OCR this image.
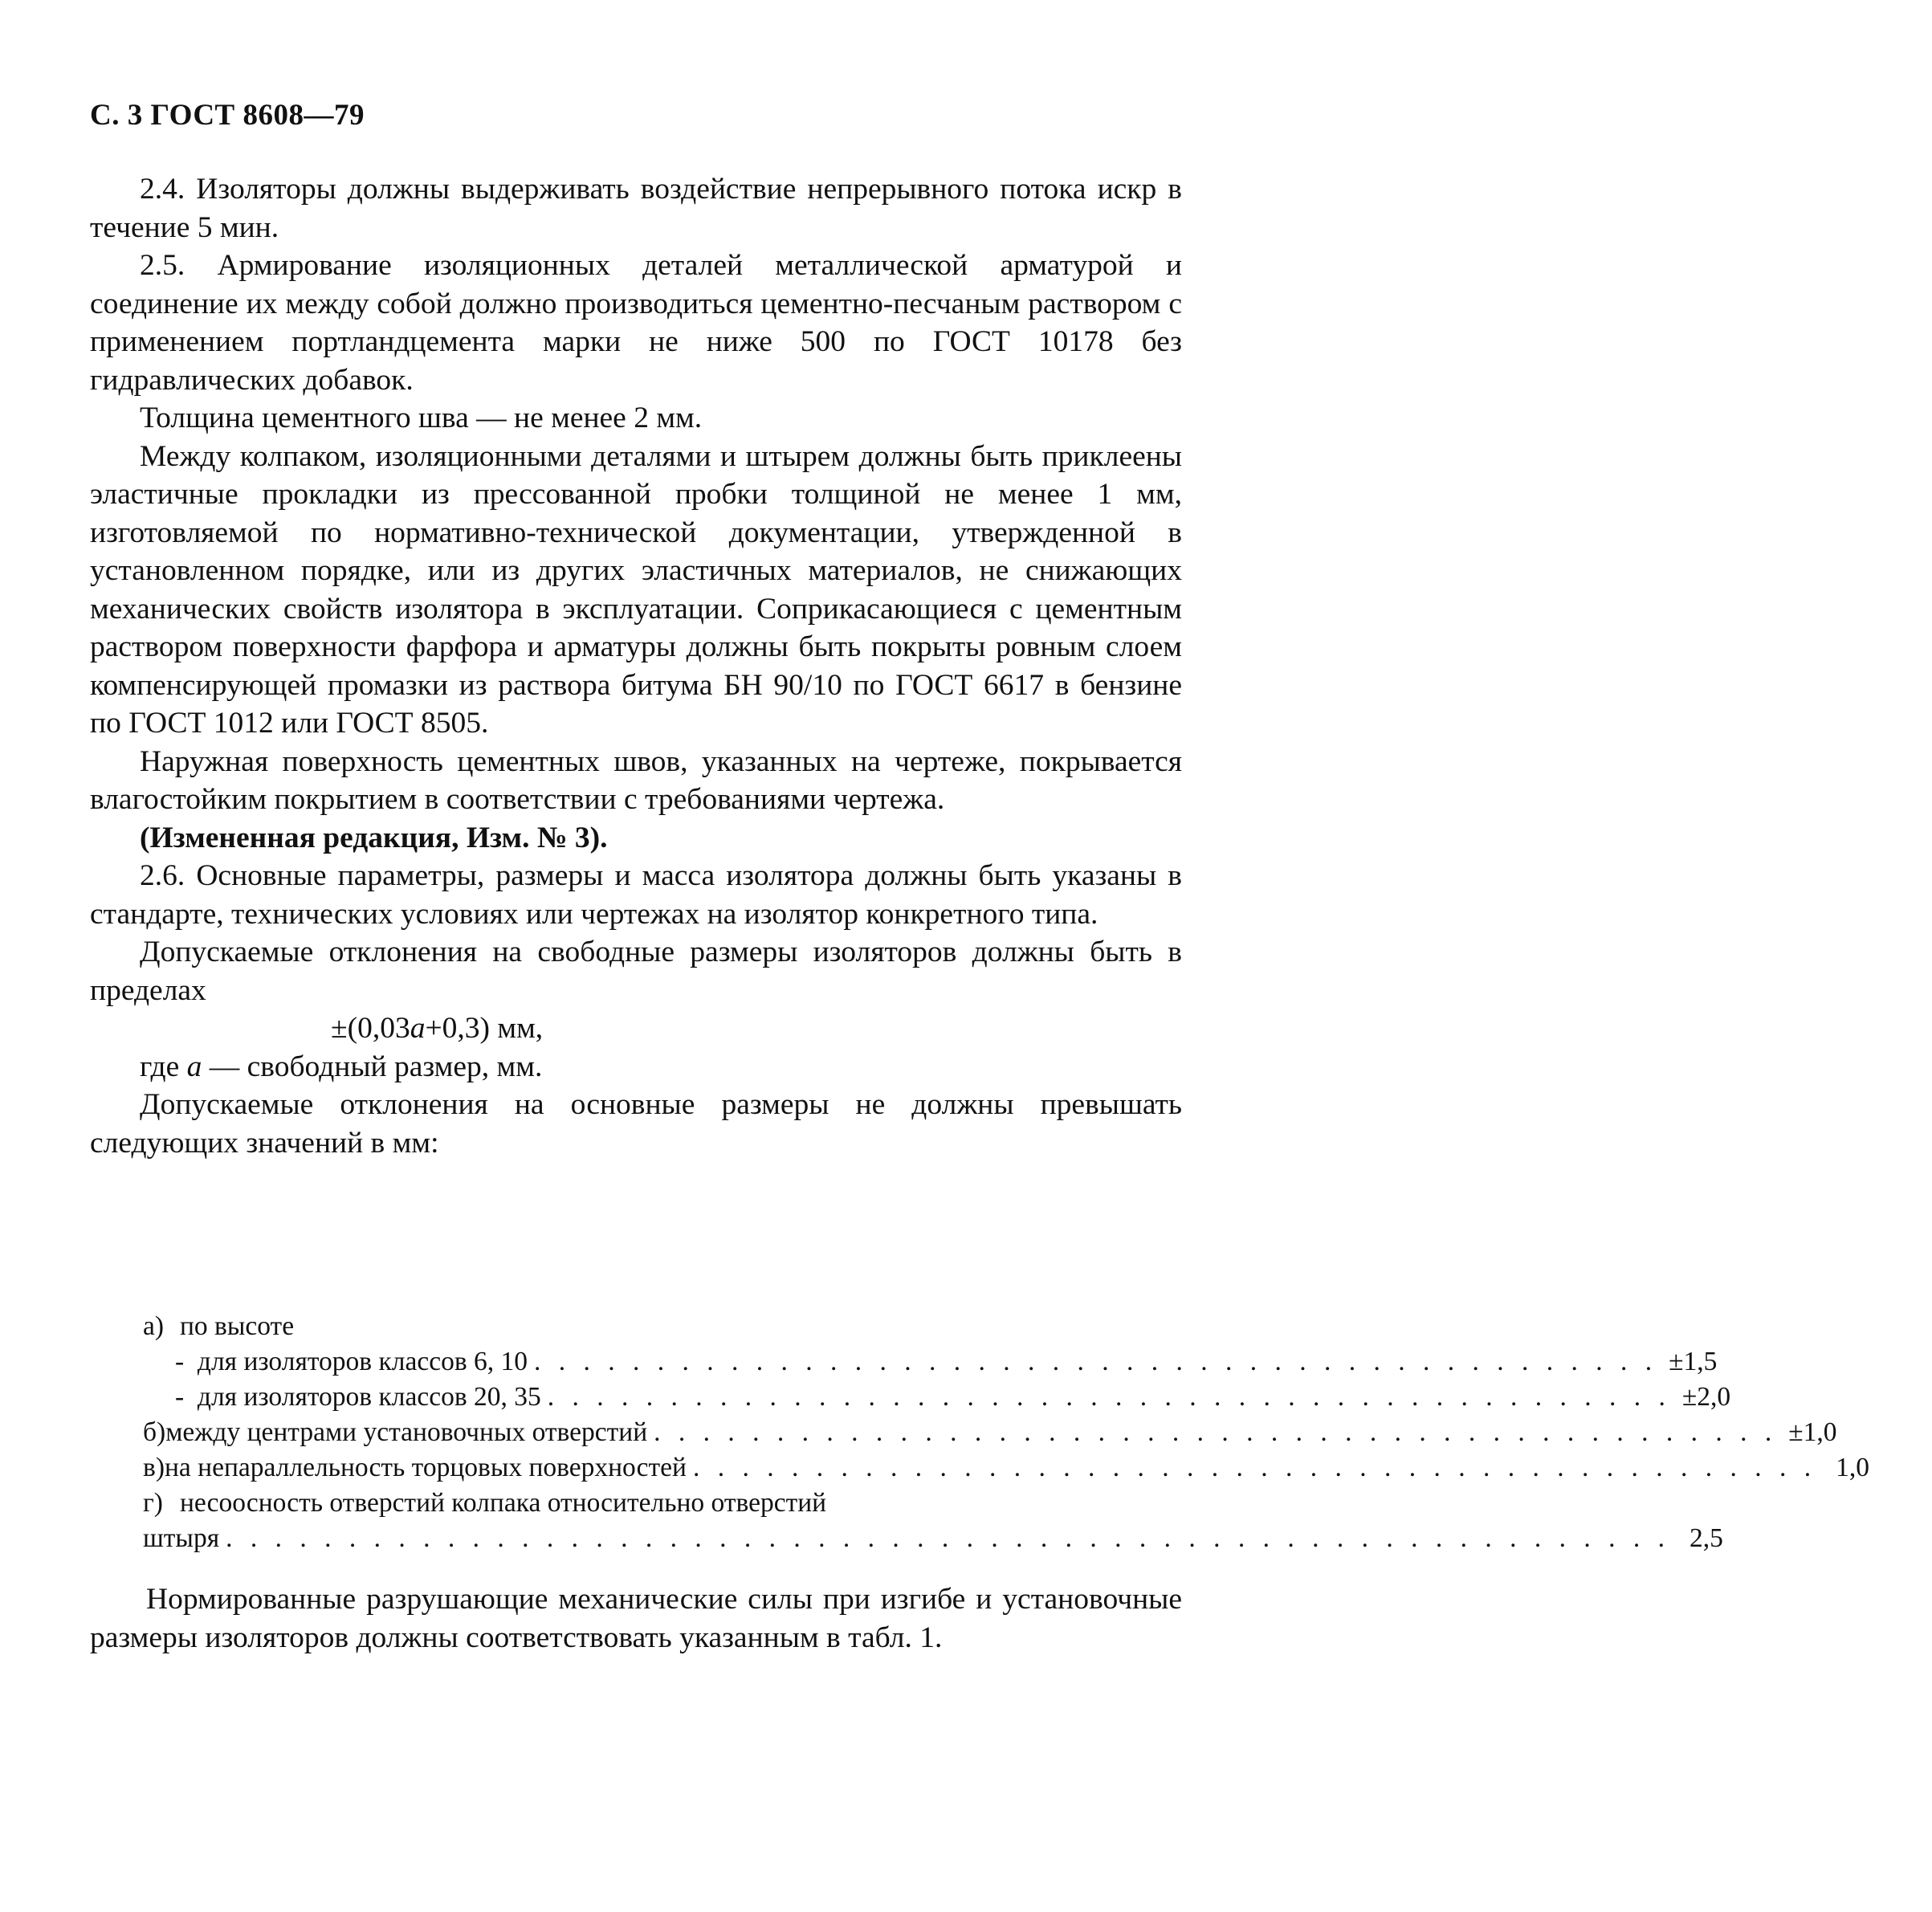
С. 3 ГОСТ 8608—79

2.4. Изоляторы должны выдерживать воздействие непрерывного потока искр в течение 5 мин.

2.5. Армирование изоляционных деталей металлической арматурой и соединение их между собой должно производиться цементно-песчаным раствором с применением портландцемента марки не ниже 500 по ГОСТ 10178 без гидравлических добавок.

Толщина цементного шва — не менее 2 мм.

Между колпаком, изоляционными деталями и штырем должны быть приклеены эластичные прокладки из прессованной пробки толщиной не менее 1 мм, изготовляемой по нормативно-технической документации, утвержденной в установленном порядке, или из других эластичных материалов, не снижающих механических свойств изолятора в эксплуатации. Соприкасающиеся с цементным раствором поверхности фарфора и арматуры должны быть покрыты ровным слоем компенсирующей промазки из раствора битума БН 90/10 по ГОСТ 6617 в бензине по ГОСТ 1012 или ГОСТ 8505.

Наружная поверхность цементных швов, указанных на чертеже, покрывается влагостойким покрытием в соответствии с требованиями чертежа.

(Измененная редакция, Изм. № 3).

2.6. Основные параметры, размеры и масса изолятора должны быть указаны в стандарте, технических условиях или чертежах на изолятор конкретного типа.

Допускаемые отклонения на свободные размеры изоляторов должны быть в пределах

±(0,03a+0,3) мм,

где a — свободный размер, мм.

Допускаемые отклонения на основные размеры не должны превышать следующих значений в мм:

а) по высоте
- для изоляторов классов 6, 10 . . . . . . . . . . . . . . . . . . . . . . . . . . . . . . . . . . . . . . . . . . . . . . ±1,5
- для изоляторов классов 20, 35 . . . . . . . . . . . . . . . . . . . . . . . . . . . . . . . . . . . . . . . . . . . . . . ±2,0
б) между центрами установочных отверстий . . . . . . . . . . . . . . . . . . . . . . . . . . . . . . . . . . . . . . . . . . . . . . ±1,0
в) на непараллельность торцовых поверхностей . . . . . . . . . . . . . . . . . . . . . . . . . . . . . . . . . . . . . . . . . . . . . . 1,0
г) несоосность отверстий колпака относительно отверстий
штыря . . . . . . . . . . . . . . . . . . . . . . . . . . . . . . . . . . . . . . . . . . . . . . . . . . . . . . . . . . . 2,5

Нормированные разрушающие механические силы при изгибе и установочные размеры изоляторов должны соответствовать указанным в табл. 1.
